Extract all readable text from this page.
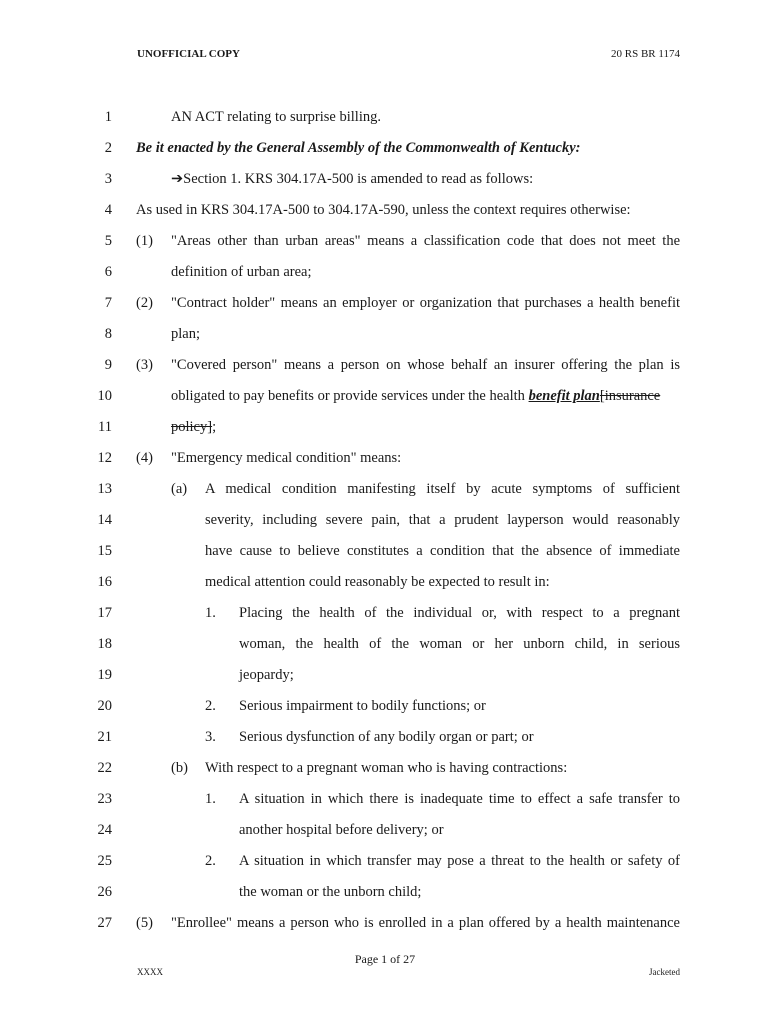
UNOFFICIAL COPY	20 RS BR 1174
1	AN ACT relating to surprise billing.
2 Be it enacted by the General Assembly of the Commonwealth of Kentucky:
3	➔Section 1. KRS 304.17A-500 is amended to read as follows:
4 As used in KRS 304.17A-500 to 304.17A-590, unless the context requires otherwise:
5 (1) "Areas other than urban areas" means a classification code that does not meet the
6	definition of urban area;
7 (2) "Contract holder" means an employer or organization that purchases a health benefit
8	plan;
9 (3) "Covered person" means a person on whose behalf an insurer offering the plan is
10	obligated to pay benefits or provide services under the health benefit plan[insurance
11	policy];
12 (4) "Emergency medical condition" means:
13	(a) A medical condition manifesting itself by acute symptoms of sufficient
14	severity, including severe pain, that a prudent layperson would reasonably
15	have cause to believe constitutes a condition that the absence of immediate
16	medical attention could reasonably be expected to result in:
17	1. Placing the health of the individual or, with respect to a pregnant
18	woman, the health of the woman or her unborn child, in serious
19	jeopardy;
20	2. Serious impairment to bodily functions; or
21	3. Serious dysfunction of any bodily organ or part; or
22	(b) With respect to a pregnant woman who is having contractions:
23	1. A situation in which there is inadequate time to effect a safe transfer to
24	another hospital before delivery; or
25	2. A situation in which transfer may pose a threat to the health or safety of
26	the woman or the unborn child;
27 (5) "Enrollee" means a person who is enrolled in a plan offered by a health maintenance
Page 1 of 27
XXXX	Jacketed
